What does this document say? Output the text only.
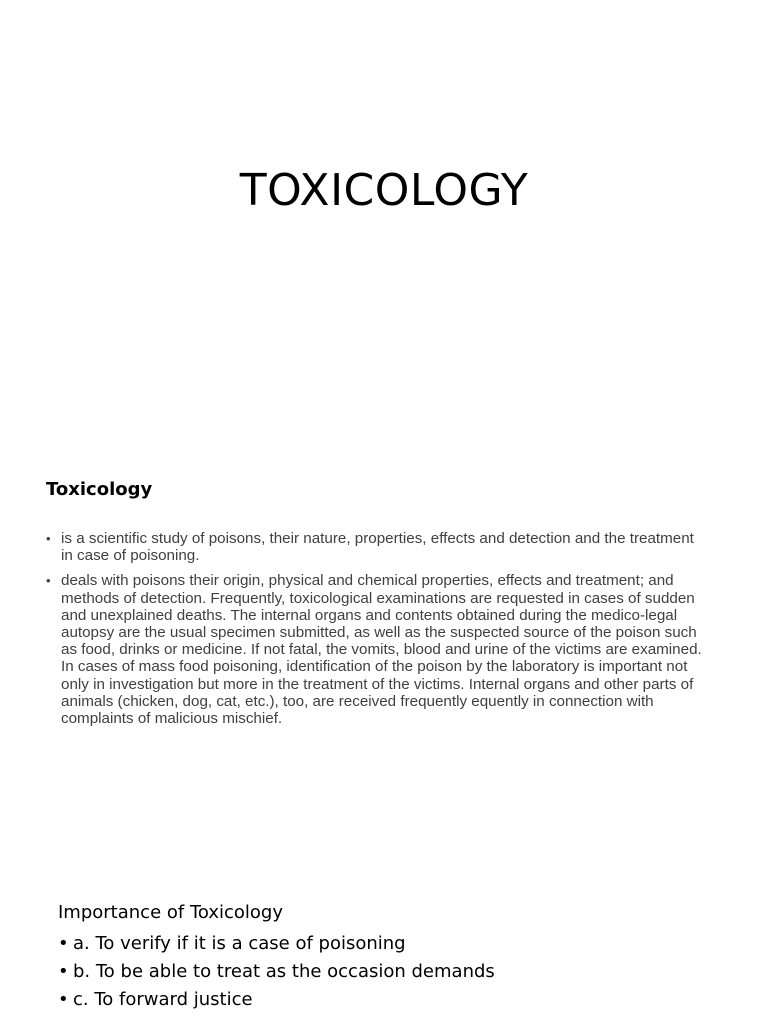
TOXICOLOGY
Toxicology
• is a scientific study of poisons, their nature, properties, effects and detection and the treatment in case of poisoning.
• deals with poisons their origin, physical and chemical properties, effects and treatment; and methods of detection. Frequently, toxicological examinations are requested in cases of sudden and unexplained deaths. The internal organs and contents obtained during the medico-legal autopsy are the usual specimen submitted, as well as the suspected source of the poison such as food, drinks or medicine. If not fatal, the vomits, blood and urine of the victims are examined. In cases of mass food poisoning, identification of the poison by the laboratory is important not only in investigation but more in the treatment of the victims. Internal organs and other parts of animals (chicken, dog, cat, etc.), too, are received frequently equently in connection with complaints of malicious mischief.
Importance of Toxicology
• a. To verify if it is a case of poisoning
• b. To be able to treat as the occasion demands
• c. To forward justice
